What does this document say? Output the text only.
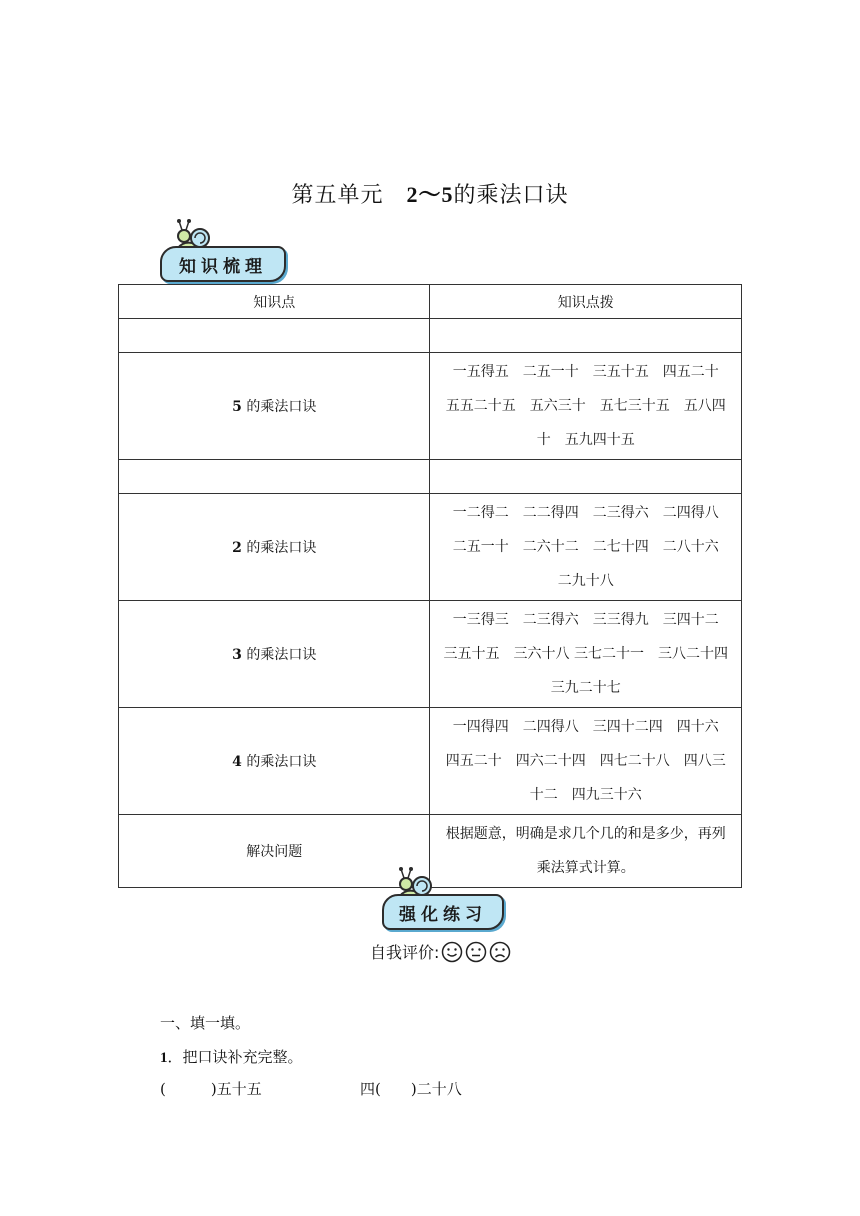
第五单元　 2～5的乘法口诀
知识梳理
知识点	知识点拨

5 的乘法口诀	一五得五　二五一十　三五十五　四五二十　五五二十五　五六三十　五七三十五　五八四十　五九四十五

2 的乘法口诀	一二得二　二二得四　二三得六　二四得八　二五一十　二六十二　二七十四　二八十六　二九十八
3 的乘法口诀	一三得三　二三得六　三三得九　三四十二　三五十五　三六十八 三七二十一　三八二十四　三九二十七
4 的乘法口诀	一四得四　二四得八　三四十二四　四十六　四五二十　四六二十四　四七二十八　四八三十二　四九三十六
解决问题	根据题意，明确是求几个几的和是多少，再列乘法算式计算。
强化练习
自我评价:
一、填一填。
1．把口诀补充完整。
(　　　)五十五	四(　　)二十八
